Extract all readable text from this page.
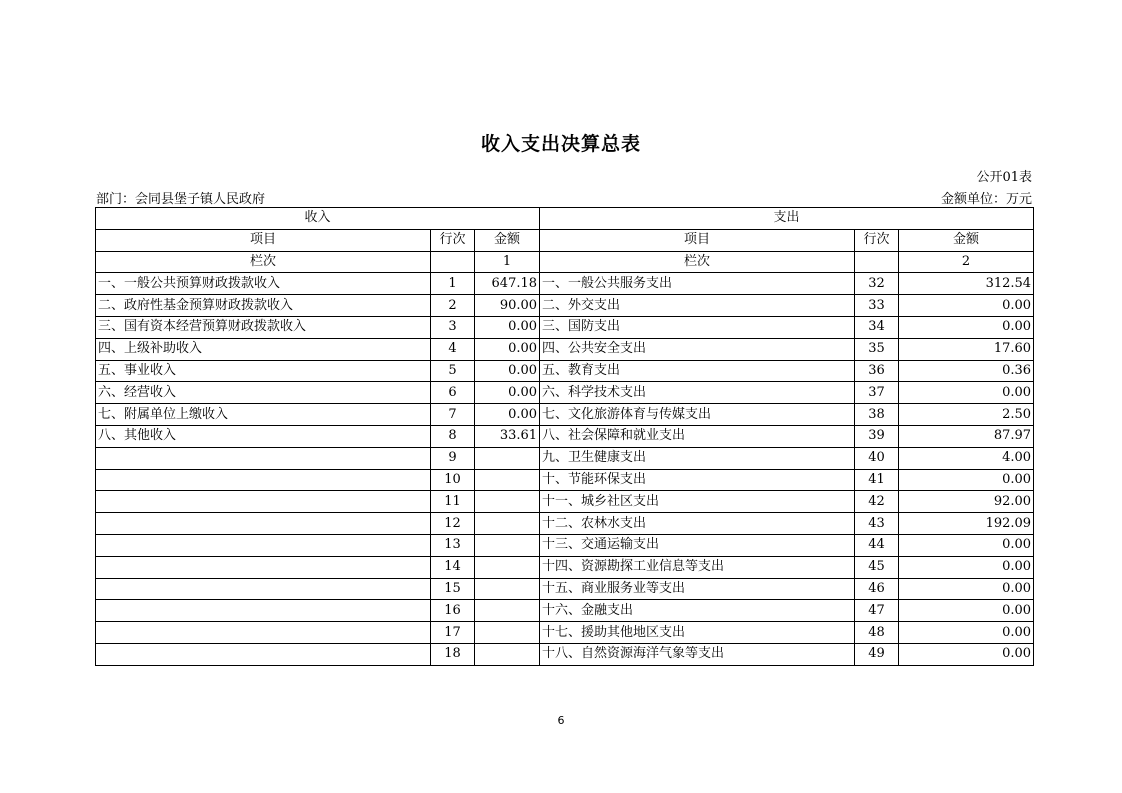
收入支出决算总表
公开01表
部门：会同县堡子镇人民政府	金额单位：万元
收入			支出		
项目	行次	金额	项目	行次	金额
栏次		1	栏次		2
一、一般公共预算财政拨款收入	1	647.18	一、一般公共服务支出	32	312.54
二、政府性基金预算财政拨款收入	2	90.00	二、外交支出	33	0.00
三、国有资本经营预算财政拨款收入	3	0.00	三、国防支出	34	0.00
四、上级补助收入	4	0.00	四、公共安全支出	35	17.60
五、事业收入	5	0.00	五、教育支出	36	0.36
六、经营收入	6	0.00	六、科学技术支出	37	0.00
七、附属单位上缴收入	7	0.00	七、文化旅游体育与传媒支出	38	2.50
八、其他收入	8	33.61	八、社会保障和就业支出	39	87.97
	9		九、卫生健康支出	40	4.00
	10		十、节能环保支出	41	0.00
	11		十一、城乡社区支出	42	92.00
	12		十二、农林水支出	43	192.09
	13		十三、交通运输支出	44	0.00
	14		十四、资源勘探工业信息等支出	45	0.00
	15		十五、商业服务业等支出	46	0.00
	16		十六、金融支出	47	0.00
	17		十七、援助其他地区支出	48	0.00
	18		十八、自然资源海洋气象等支出	49	0.00
6
